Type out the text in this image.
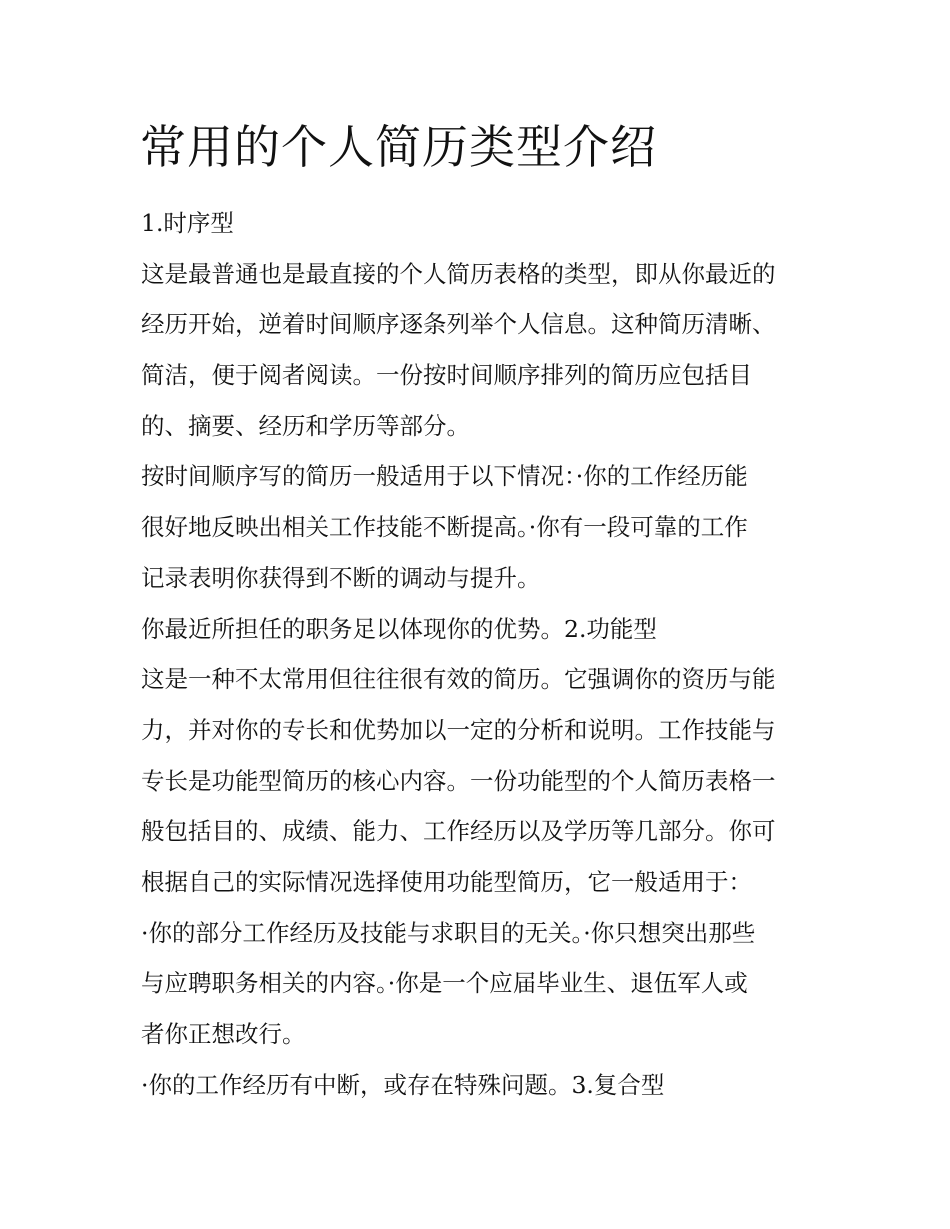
常用的个人简历类型介绍
1.时序型
这是最普通也是最直接的个人简历表格的类型，即从你最近的
经历开始，逆着时间顺序逐条列举个人信息。这种简历清晰、
简洁，便于阅者阅读。一份按时间顺序排列的简历应包括目
的、摘要、经历和学历等部分。
按时间顺序写的简历一般适用于以下情况：·你的工作经历能
很好地反映出相关工作技能不断提高。·你有一段可靠的工作
记录表明你获得到不断的调动与提升。
你最近所担任的职务足以体现你的优势。2.功能型
这是一种不太常用但往往很有效的简历。它强调你的资历与能
力，并对你的专长和优势加以一定的分析和说明。工作技能与
专长是功能型简历的核心内容。一份功能型的个人简历表格一
般包括目的、成绩、能力、工作经历以及学历等几部分。你可
根据自己的实际情况选择使用功能型简历，它一般适用于：
·你的部分工作经历及技能与求职目的无关。·你只想突出那些
与应聘职务相关的内容。·你是一个应届毕业生、退伍军人或
者你正想改行。
·你的工作经历有中断，或存在特殊问题。3.复合型
